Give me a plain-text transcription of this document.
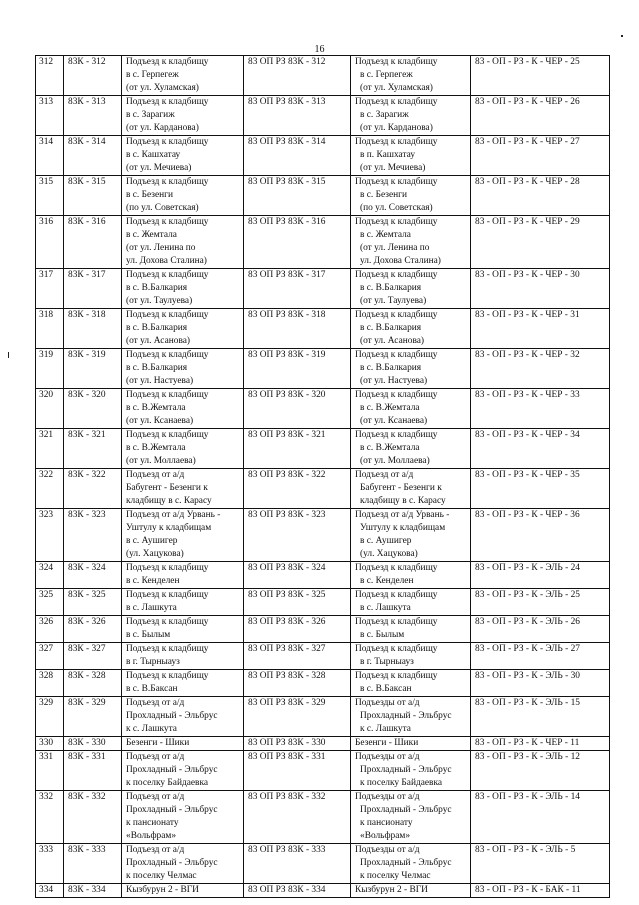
16
312	83К - 312	Подъезд к кладбищу
в с. Герпегеж
(от ул. Хуламская)	83 ОП РЗ 83К - 312	Подъезд к кладбищу
в с. Герпегеж
(от ул. Хуламская)	83 - ОП - РЗ - К - ЧЕР - 25

313	83К - 313	Подъезд к кладбищу
в с. Зарагиж
(от ул. Карданова)	83 ОП РЗ 83К - 313	Подъезд к кладбищу
в с. Зарагиж
(от ул. Карданова)	83 - ОП - РЗ - К - ЧЕР - 26

314	83К - 314	Подъезд к кладбищу
в с. Кашхатау
(от ул. Мечиева)	83 ОП РЗ 83К - 314	Подъезд к кладбищу
в п. Кашхатау
(от ул. Мечиева)	83 - ОП - РЗ - К - ЧЕР - 27

315	83К - 315	Подъезд к кладбищу
в с. Безенги
(по ул. Советская)	83 ОП РЗ 83К - 315	Подъезд к кладбищу
в с. Безенги
(по ул. Советская)	83 - ОП - РЗ - К - ЧЕР - 28

316	83К - 316	Подъезд к кладбищу
в с. Жемтала
(от ул. Ленина по
ул. Дохова Сталина)	83 ОП РЗ 83К - 316	Подъезд к кладбищу
в с. Жемтала
(от ул. Ленина по
ул. Дохова Сталина)	83 - ОП - РЗ - К - ЧЕР - 29

317	83К - 317	Подъезд к кладбищу
в с. В.Балкария
(от ул. Таулуева)	83 ОП РЗ 83К - 317	Подъезд к кладбищу
в с. В.Балкария
(от ул. Таулуева)	83 - ОП - РЗ - К - ЧЕР - 30

318	83К - 318	Подъезд к кладбищу
в с. В.Балкария
(от ул. Асанова)	83 ОП РЗ 83К - 318	Подъезд к кладбищу
в с. В.Балкария
(от ул. Асанова)	83 - ОП - РЗ - К - ЧЕР - 31

319	83К - 319	Подъезд к кладбищу
в с. В.Балкария
(от ул. Настуева)	83 ОП РЗ 83К - 319	Подъезд к кладбищу
в с. В.Балкария
(от ул. Настуева)	83 - ОП - РЗ - К - ЧЕР - 32

320	83К - 320	Подъезд к кладбищу
в с. В.Жемтала
(от ул. Ксанаева)	83 ОП РЗ 83К - 320	Подъезд к кладбищу
в с. В.Жемтала
(от ул. Ксанаева)	83 - ОП - РЗ - К - ЧЕР - 33

321	83К - 321	Подъезд к кладбищу
в с. В.Жемтала
(от ул. Моллаева)	83 ОП РЗ 83К - 321	Подъезд к кладбищу
в с. В.Жемтала
(от ул. Моллаева)	83 - ОП - РЗ - К - ЧЕР - 34

322	83К - 322	Подъезд от а/д
Бабугент - Безенги к
кладбищу в с. Карасу	83 ОП РЗ 83К - 322	Подъезд от а/д
Бабугент - Безенги к
кладбищу в с. Карасу	83 - ОП - РЗ - К - ЧЕР - 35

323	83К - 323	Подъезд от а/д Урвань -
Уштулу к кладбищам
в с. Аушигер
(ул. Хацукова)	83 ОП РЗ 83К - 323	Подъезд от а/д Урвань -
Уштулу к кладбищам
в с. Аушигер
(ул. Хацукова)	83 - ОП - РЗ - К - ЧЕР - 36

324	83К - 324	Подъезд к кладбищу
в с. Кенделен	83 ОП РЗ 83К - 324	Подъезд к кладбищу
в с. Кенделен	83 - ОП - РЗ - К - ЭЛЬ - 24

325	83К - 325	Подъезд к кладбищу
в с. Лашкута	83 ОП РЗ 83К - 325	Подъезд к кладбищу
в с. Лашкута	83 - ОП - РЗ - К - ЭЛЬ - 25

326	83К - 326	Подъезд к кладбищу
в с. Былым	83 ОП РЗ 83К - 326	Подъезд к кладбищу
в с. Былым	83 - ОП - РЗ - К - ЭЛЬ - 26

327	83К - 327	Подъезд к кладбищу
в г. Тырныауз	83 ОП РЗ 83К - 327	Подъезд к кладбищу
в г. Тырныауз	83 - ОП - РЗ - К - ЭЛЬ - 27

328	83К - 328	Подъезд к кладбищу
в с. В.Баксан	83 ОП РЗ 83К - 328	Подъезд к кладбищу
в с. В.Баксан	83 - ОП - РЗ - К - ЭЛЬ - 30

329	83К - 329	Подъезд от а/д
Прохладный - Эльбрус
к с. Лашкута	83 ОП РЗ 83К - 329	Подъезды от а/д
Прохладный - Эльбрус
к с. Лашкута	83 - ОП - РЗ - К - ЭЛЬ - 15

330	83К - 330	Безенги - Шики	83 ОП РЗ 83К - 330	Безенги - Шики	83 - ОП - РЗ - К - ЧЕР - 11

331	83К - 331	Подъезд от а/д
Прохладный - Эльбрус
к поселку Байдаевка	83 ОП РЗ 83К - 331	Подъезды от а/д
Прохладный - Эльбрус
к поселку Байдаевка	83 - ОП - РЗ - К - ЭЛЬ - 12

332	83К - 332	Подъезд от а/д
Прохладный - Эльбрус
к пансионату
«Вольфрам»	83 ОП РЗ 83К - 332	Подъезды от а/д
Прохладный - Эльбрус
к пансионату
«Вольфрам»	83 - ОП - РЗ - К - ЭЛЬ - 14

333	83К - 333	Подъезд от а/д
Прохладный - Эльбрус
к поселку Челмас	83 ОП РЗ 83К - 333	Подъезды от а/д
Прохладный - Эльбрус
к поселку Челмас	83 - ОП - РЗ - К - ЭЛЬ - 5

334	83К - 334	Кызбурун 2 - ВГИ	83 ОП РЗ 83К - 334	Кызбурун 2 - ВГИ	83 - ОП - РЗ - К - БАК - 11
